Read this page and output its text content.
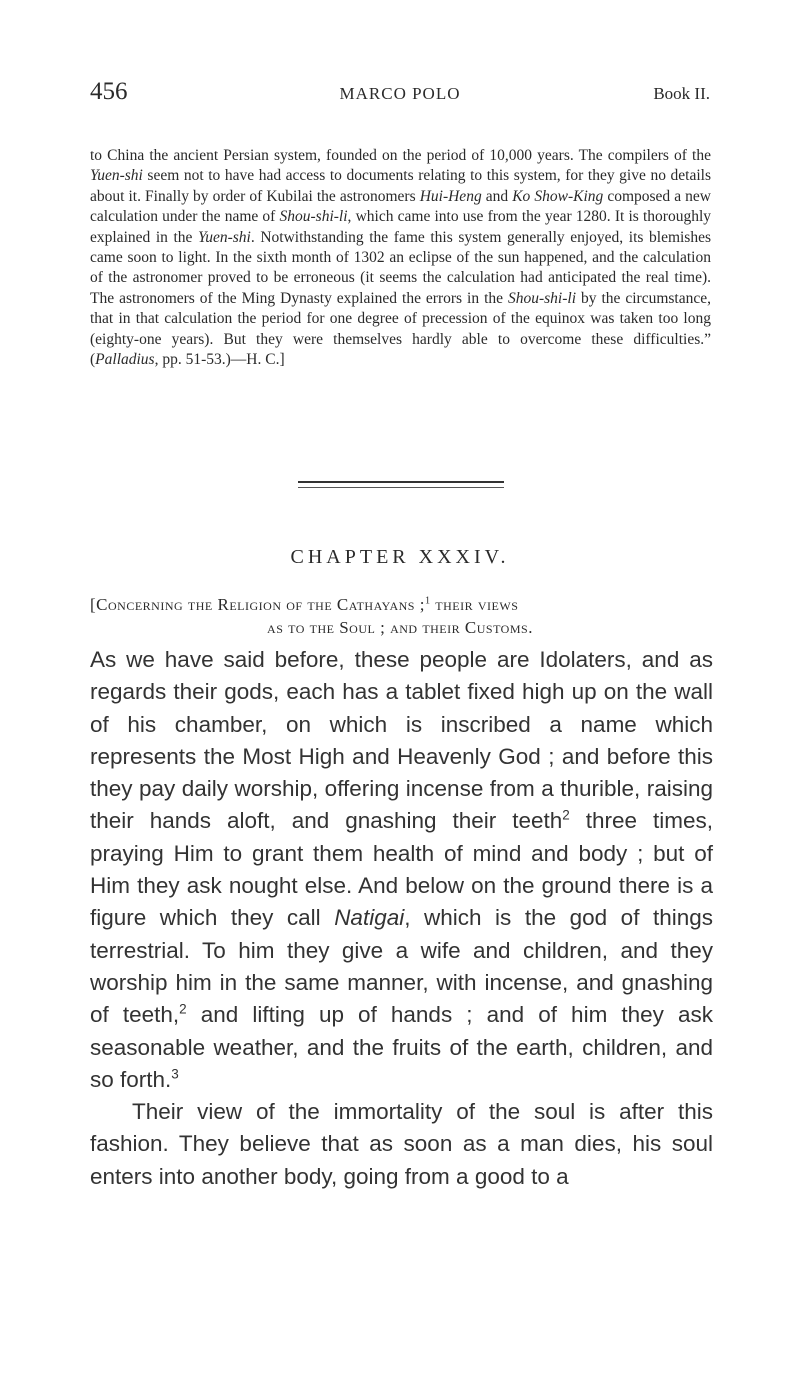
456	MARCO POLO	Book II.

to China the ancient Persian system, founded on the period of 10,000 years. The compilers of the Yuen-shi seem not to have had access to documents relating to this system, for they give no details about it. Finally by order of Kubilai the astronomers Hui-Heng and Ko Show-King composed a new calculation under the name of Shou-shi-li, which came into use from the year 1280. It is thoroughly explained in the Yuen-shi. Notwithstanding the fame this system generally enjoyed, its blemishes came soon to light. In the sixth month of 1302 an eclipse of the sun happened, and the calculation of the astronomer proved to be erroneous (it seems the calculation had anticipated the real time). The astronomers of the Ming Dynasty explained the errors in the Shou-shi-li by the circumstance, that in that calculation the period for one degree of precession of the equinox was taken too long (eighty-one years). But they were themselves hardly able to overcome these difficulties.” (Palladius, pp. 51-53.)—H. C.]

CHAPTER XXXIV.
[Concerning the Religion of the Cathayans ;$^1$ their views
as to the Soul ; and their Customs.

As we have said before, these people are Idolaters, and as regards their gods, each has a tablet fixed high up on the wall of his chamber, on which is inscribed a name which represents the Most High and Heavenly God ; and before this they pay daily worship, offering incense from a thurible, raising their hands aloft, and gnashing their teeth$^2$ three times, praying Him to grant them health of mind and body ; but of Him they ask nought else. And below on the ground there is a figure which they call Natigai, which is the god of things terrestrial. To him they give a wife and children, and they worship him in the same manner, with incense, and gnashing of teeth,$^2$ and lifting up of hands ; and of him they ask seasonable weather, and the fruits of the earth, children, and so forth.$^3$

Their view of the immortality of the soul is after this fashion. They believe that as soon as a man dies, his soul enters into another body, going from a good to a
